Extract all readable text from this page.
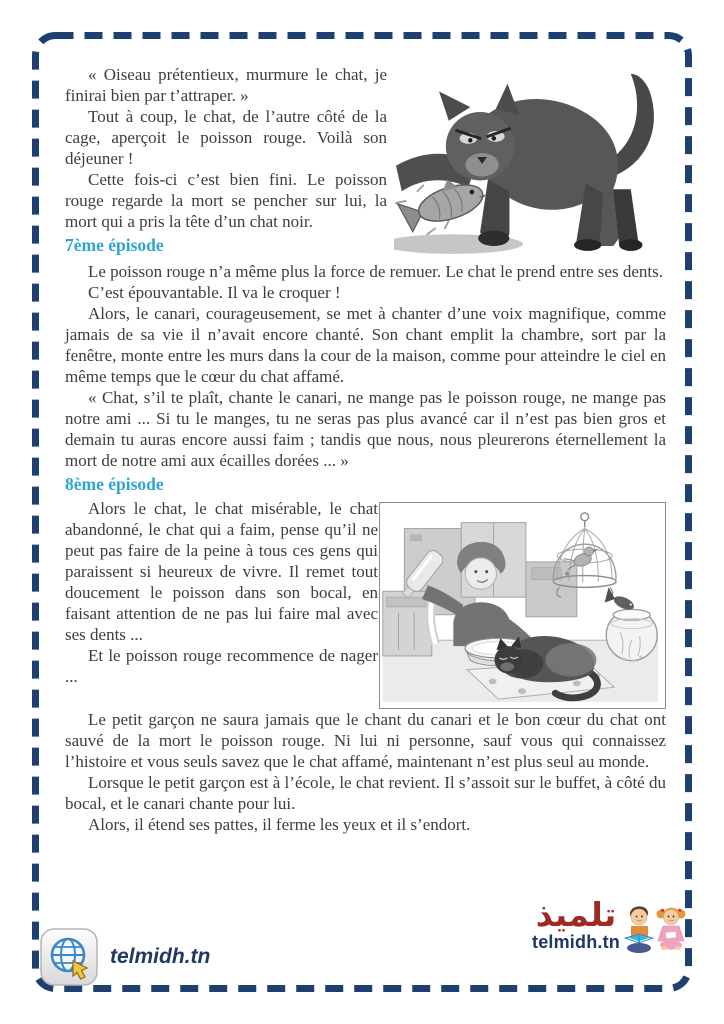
« Oiseau prétentieux, murmure le chat, je finirai bien par t’attraper. »

Tout à coup, le chat, de l’autre côté de la cage, aperçoit le poisson rouge. Voilà son déjeuner !

Cette fois-ci c’est bien fini. Le poisson rouge regarde la mort se pencher sur lui, la mort qui a pris la tête d’un chat noir.

7ème épisode

Le poisson rouge n’a même plus la force de remuer. Le chat le prend entre ses dents.

C’est épouvantable. Il va le croquer !

Alors, le canari, courageusement, se met à chanter d’une voix magnifique, comme jamais de sa vie il n’avait encore chanté. Son chant emplit la chambre, sort par la fenêtre, monte entre les murs dans la cour de la maison, comme pour atteindre le ciel en même temps que le cœur du chat affamé.

« Chat, s’il te plaît, chante le canari, ne mange pas le poisson rouge, ne mange pas notre ami ... Si tu le manges, tu ne seras pas plus avancé car il n’est pas bien gros et demain tu auras encore aussi faim ; tandis que nous, nous pleurerons éternellement la mort de notre ami aux écailles dorées ... »

8ème épisode

Alors le chat, le chat misérable, le chat abandonné, le chat qui a faim, pense qu’il ne peut pas faire de la peine à tous ces gens qui paraissent si heureux de vivre. Il remet tout doucement le poisson dans son bocal, en faisant attention de ne pas lui faire mal avec ses dents ...

Et le poisson rouge recommence de nager ...

Le petit garçon ne saura jamais que le chant du canari et le bon cœur du chat ont sauvé de la mort le poisson rouge. Ni lui ni personne, sauf vous qui connaissez l’histoire et vous seuls savez que le chat affamé, maintenant n’est plus seul au monde.

Lorsque le petit garçon est à l’école, le chat revient. Il s’assoit sur le buffet, à côté du bocal, et le canari chante pour lui.

Alors, il étend ses pattes, il ferme les yeux et il s’endort.

telmidh.tn
تلميذ
telmidh.tn
